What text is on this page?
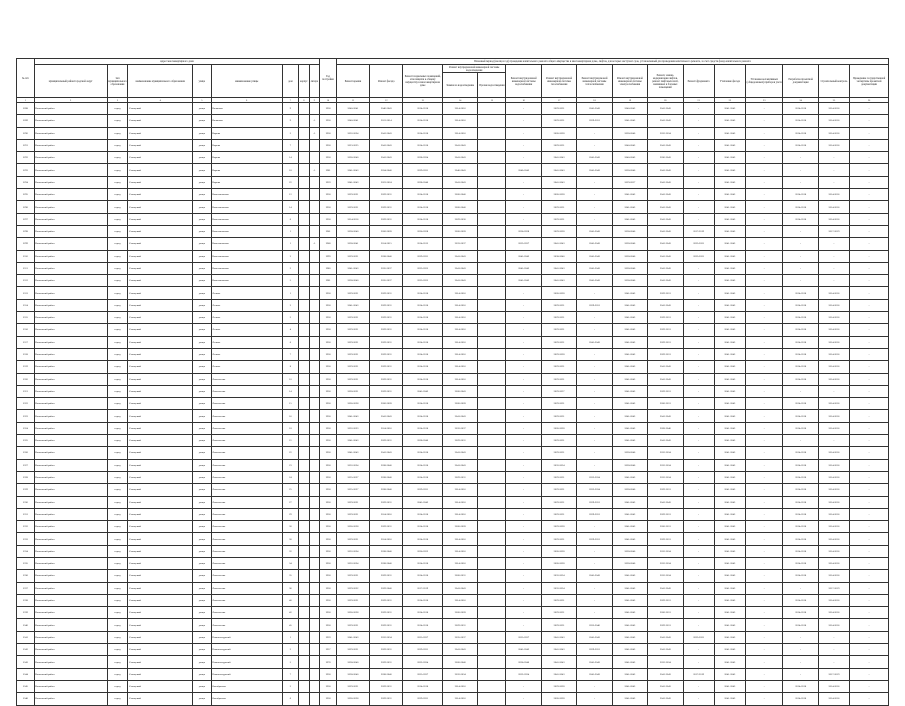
№ п/п	Адрес многоквартирного дома								Год постройки	Плановый период (месяц и год) проведения капитального ремонта общего имущества в многоквартирном доме, лифтов, для которых наступает срок, установленный для проведения капитального ремонта, за счет средств фонда капитального ремонта															
	муниципальный район/городской округ	тип муниципального образования	наименование муниципального образования	улица	наименование улицы	дом	корпус	литера		Ремонт крыши	Ремонт фасада	Ремонт подвальных помещений, относящихся к общему имуществу в многоквартирном доме	Ремонт внутридомовой инженерной системы водоотведения		Ремонт внутридомовой инженерной системы водоснабжения	Ремонт внутридомовой инженерной системы газоснабжения	Ремонт внутридомовой инженерной системы теплоснабжения	Ремонт внутридомовой инженерной системы электроснабжения	Ремонт, замена, модернизация лифтов, ремонт лифтовых шахт, машинных и блочных помещений	Ремонт фундамента	Утепление фасада	Установка коллективных (общедомовых) приборов учета	Разработка проектной документации	Строительный контроль	Проведение государственной экспертизы проектной документации
													Замена на водоотведение	Прочие водоотведения											
1	2	3	4	5	6	7	8	9	10	11	12	13	14	15	16	17	18	19	20	21	22	23	24	25	26
5288	Кызылский район	город	Сланцевый	улица	Калинина	9			1958	2040-2041	2040-2043	2014-2016	2014-2016		-	2029-2031	2041-2043	2040-2043	2041-2043	-	2041-2043	-	2014-2016	2014-2016	-
5289	Кызылский район	город	Сланцевый	улица	Калинина	9		А	1958	2040-2041	2013-2014	2014-2016	2014-2016		-	2029-2031	2029-2031	2041-2043	2041-2043	-	2041-2043	-	2014-2016	2014-2016	-
5290	Кызылский район	город	Сланцевый	улица	Кирова	3		А	1958	2032-2034	2041-2043	2014-2016	2014-2016		-	2026-2028	-	2028-2040	2032-2034	-	2041-2043	-	2014-2016	2014-2016	-
5291	Кызылский район	город	Сланцевый	улица	Кирова	7			1958	2023-2025	2041-2043	2014-2016	2041-2043		-	2029-2031	-	2040-2043	2041-2043	-	2041-2043	-	2014-2016	2014-2016	-
5292	Кызылский район	город	Сланцевый	улица	Кирова	14			1958	2026-2040	2041-2043	2028-2034	2041-2043		-	2041-2043	2041-2043	2040-2043	2030-2043	-	2041-2043	-	-	-	-
5293	Кызылский район	город	Сланцевый	улица	Кирова	18		А	1981	2041-2043	2034-2040	2029-2031	2040-2043		2040-2043	2041-2043	2041-2043	2028-2040	2041-2043	-	2041-2043	-	-	-	-
5294	Кызылский район	город	Сланцевый	улица	Кирова	22			1959	2041-2043	2023-2024	2028-2040	2041-2043		-	2041-2043	-	2029-2037	2041-2043	-	2041-2043	-	-	-	-
5295	Кызылский район	город	Сланцевый	улица	Комсомольская	12			1958	2029-2031	2029-2031	2014-2016	2026-2040		-	2026-2028	-	2041-2043	2041-2043	-	2041-2043	-	2014-2016	2014-2016	-
5296	Кызылский район	город	Сланцевый	улица	Комсомольская	14			1958	2029-2031	2029-2031	2014-2016	2026-2040		-	2029-2031	-	2041-2043	2041-2043	-	2041-2043	-	2014-2016	2014-2016	-
5297	Кызылский район	город	Сланцевый	улица	Комсомольская	6			1958	2014-2016	2029-2031	2014-2016	2029-2030		-	2029-2031	-	2041-2043	2041-2043	-	2041-2043	-	2014-2016	2014-2016	-
5298	Кызылский район	город	Сланцевый	улица	Комсомольская	1			1961	2038-2040	2026-2028	2026-2028	2026-2028		2026-2028	2029-2028	2041-2043	2038-2040	2041-2043	2017-2019	2041-2043	-	-	2017-2019	-
5299	Кызылский район	город	Сланцевый	улица	Комсомольская	1		А	1968	2038-2041	2014-2015	2014-2015	2033-2037		2033-2037	2041-2043	2041-2043	2028-2040	2041-2043	2023-2025	2041-2043	-	-	-	-
5310	Кызылский район	город	Сланцевый	улица	Комсомольская	2			1999	2029-2031	2038-2040	2029-2031	2041-2043		2041-2043	2038-2040	2041-2043	2028-2040	2041-2043	2023-2025	2041-2043	-	-	-	-
5311	Кызылский район	город	Сланцевый	улица	Комсомольская	3			1980	2041-2043	2035-2037	2023-2025	2041-2043		2041-2043	2041-2043	2041-2043	2028-2040	2041-2043	-	2041-2043	-	-	-	-
5312	Кызылский район	город	Сланцевый	улица	Комсомольская	5			1981	2038-2040	2035-2037	2023-2025	2041-2043		2041-2043	2041-2043	2041-2043	2038-2040	2041-2043	-	2041-2043	-	-	-	-
5313	Кызылский район	город	Сланцевый	улица	Ленина	1			1958	2029-2031	2029-2031	2014-2016	2014-2016		-	2026-2028	-	2041-2043	2029-2031	-	2041-2043	-	2014-2016	2014-2016	-
5314	Кызылский район	город	Сланцевый	улица	Ленина	2			1958	2041-2043	2029-2031	2014-2016	2014-2016		-	2029-2031	2029-2031	2041-2043	2041-2043	-	2041-2043	-	2014-2016	2014-2016	-
5315	Кызылский район	город	Сланцевый	улица	Ленина	3			1958	2029-2031	2029-2031	2014-2016	2014-2016		-	2029-2031	-	2041-2043	2029-2031	-	2041-2043	-	2014-2016	2014-2016	-
5316	Кызылский район	город	Сланцевый	улица	Ленина	4			1958	2029-2031	2029-2031	2014-2016	2014-2016		-	2029-2031	-	2041-2043	2029-2031	-	2041-2043	-	2014-2016	2014-2016	-
5317	Кызылский район	город	Сланцевый	улица	Ленина	6			1958	2029-2031	2029-2031	2014-2016	2014-2016		-	2029-2031	2041-2043	2041-2043	2029-2031	-	2041-2043	-	2014-2016	2014-2016	-
5318	Кызылский район	город	Сланцевый	улица	Ленина	7			1958	2029-2031	2029-2031	2014-2016	2014-2016		-	2029-2028	-	2041-2043	2029-2031	-	2041-2043	-	2014-2016	2014-2016	-
5319	Кызылский район	город	Сланцевый	улица	Ленина	8			1958	2029-2031	2029-2031	2014-2016	2014-2016		-	2029-2031	-	2041-2043	2041-2043	-	2041-2043	-	2014-2016	2014-2016	-
5320	Кызылский район	город	Сланцевый	улица	Ломоносова	10			1958	2029-2031	2029-2031	2014-2016	2014-2016		-	2029-2031	-	2041-2043	2041-2043	-	2041-2043	-	2014-2016	2014-2016	-
5321	Кызылский район	город	Сланцевый	улица	Ломоносова	14			1958	2028-2031	2029-2031	2041-2043	2026-2043		-	2029-2037	-	2041-2043	2029-2031	-	2041-2043	-	-	-	-
5322	Кызылский район	город	Сланцевый	улица	Ломоносова	15			1958	2026-2028	2026-2028	2014-2016	2026-2028		-	2029-2031	-	2041-2043	2026-2031	-	2041-2043	-	2014-2016	2014-2016	-
5323	Кызылский район	город	Сланцевый	улица	Ломоносова	16			1958	2041-2043	2041-2043	2014-2016	2041-2043		-	2029-2031	-	2041-2043	2041-2043	-	2041-2043	-	2014-2016	2014-2016	-
5324	Кызылский район	город	Сланцевый	улица	Ломоносова	18			1958	2032-2033	2014-2016	2014-2016	2032-2037		-	2026-2028	-	2041-2043	2028-2040	-	2041-2043	-	2014-2016	2014-2016	-
5325	Кызылский район	город	Сланцевый	улица	Ломоносова	21			1958	2041-2043	2029-2031	2038-2040	2029-2031		-	2029-2031	-	2041-2043	2041-2043	-	2041-2043	-	-	-	-
5326	Кызылский район	город	Сланцевый	улица	Ломоносова	22			1958	2041-2043	2041-2043	2014-2016	2041-2043		-	2029-2031	-	2028-2040	2032-2034	-	2041-2043	-	2014-2016	2014-2016	-
5327	Кызылский район	город	Сланцевый	улица	Ломоносова	23			1958	2032-2034	2038-2040	2014-2016	2041-2043		-	2032-2034	-	2028-2040	2032-2034	-	2041-2043	-	2014-2016	2014-2016	-
5328	Кызылский район	город	Сланцевый	улица	Ломоносова	24			1958	2035-2037	2038-2040	2014-2016	2029-2031		-	2029-2031	2032-2034	2041-2043	2032-2034	-	2041-2043	-	2014-2016	2014-2016	-
5329	Кызылский район	город	Сланцевый	улица	Ломоносова	25			1958	2035-2037	2038-2040	2029-2031	2014-2016		-	2029-2031	2032-2034	2028-2040	2029-2031	-	2041-2043	-	2014-2016	2014-2016	-
5330	Кызылский район	город	Сланцевый	улица	Ломоносова	27			1958	2029-2031	2029-2031	2041-2043	2014-2016		-	2029-2031	2029-2031	2041-2043	2041-2043	-	2041-2043	-	2014-2016	2014-2016	-
5331	Кызылский район	город	Сланцевый	улица	Ломоносова	29			1958	2029-2031	2014-2016	2014-2016	2014-2016		-	2029-2031	2029-2031	2041-2043	2029-2031	-	2041-2043	-	2014-2016	2014-2016	-
5332	Кызылский район	город	Сланцевый	улица	Ломоносова	30			1958	2026-2028	2029-2031	2014-2016	2026-2028		-	2029-2028	-	2041-2043	2026-2031	-	2041-2043	-	2014-2016	2014-2016	-
5333	Кызылский район	город	Сланцевый	улица	Ломоносова	30			1958	2029-2031	2014-2016	2014-2016	2014-2016		-	2029-2031	2029-2031	2041-2043	2029-2031	-	2041-2043	-	2014-2016	2014-2016	-
5334	Кызылский район	город	Сланцевый	улица	Ломоносова	32			1958	2032-2034	2038-2040	2026-2022	2014-2016		-	2026-2028	-	2028-2040	2032-2034	-	2041-2043	-	2014-2016	2014-2016	-
5335	Кызылский район	город	Сланцевый	улица	Ломоносова	34			1958	2032-2034	2038-2040	2014-2016	2014-2016		-	2026-2028	-	2028-2040	2032-2034	-	2041-2043	-	2014-2016	2014-2016	-
5336	Кызылский район	город	Сланцевый	улица	Ломоносова	35			1958	2029-2031	2029-2031	2014-2016	2026-2031		-	2032-2034	2041-2043	2041-2043	2032-2034	-	2041-2043	-	2014-2016	2014-2016	-
5337	Кызылский район	город	Сланцевый	улица	Ломоносова	36			1958	2029-2032	2029-2040	2017-2019	2041-2043		-	2032-2034	-	2041-2043	2041-2043	-	2041-2043	-	-	2017-2019	-
5338	Кызылский район	город	Сланцевый	улица	Ломоносова	40			1958	2029-2031	2029-2031	2014-2016	2014-2016		-	2029-2031	-	2041-2043	2029-2031	-	2041-2043	-	2014-2016	2014-2016	-
5339	Кызылский район	город	Сланцевый	улица	Ломоносова	42			1958	2026-2028	2029-2031	2014-2016	2026-2028		-	2029-2031	-	2041-2043	2026-2031	-	2041-2043	-	2014-2016	2014-2016	-
5340	Кызылский район	город	Сланцевый	улица	Ломоносова	45			1958	2029-2031	2029-2031	2014-2016	2029-2031		-	2029-2031	2035-2040	2041-2043	2029-2031	-	2041-2043	-	2014-2016	2014-2016	-
5341	Кызылский район	город	Сланцевый	улица	Нижнекотурский	1			1959	2041-2043	2032-2034	2035-2037	2035-2037		2035-2037	2041-2043	2041-2043	2041-2043	2041-2043	2023-2025	2041-2043	-	-	-	-
5342	Кызылский район	город	Сланцевый	улица	Нижнекотурский	3			1957	2029-2031	2029-2031	2029-2031	2041-2043		2041-2043	2041-2043	2029-2031	2041-2043	2041-2043	-	2041-2043	-	-	-	-
5343	Кызылский район	город	Сланцевый	улица	Нижнекотурский	5			1978	2038-2040	2029-2031	2032-2034	2026-2040		2026-2040	2041-2043	2041-2043	2041-2043	2032-2034	-	2041-2043	-	-	-	-
5344	Кызылский район	город	Сланцевый	улица	Нижнекотурский	7			1958	2038-2040	2038-2040	2035-2037	2032-2034		2032-2034	2041-2043	2041-2043	2041-2043	2041-2043	2017-2019	2041-2043	-	-	2017-2019	-
5345	Кызылский район	город	Сланцевый	улица	Октябрьская	3			1958	2029-2031	2029-2031	2014-2016	2014-2016		-	2029-2028	-	2041-2043	2041-2043	-	2041-2043	-	2014-2016	2014-2016	-
5346	Кызылский район	город	Сланцевый	улица	Октябрьская	6			1958	2026-2028	2029-2031	2029-2031	2014-2016		-	2026-2028	-	2041-2043	2041-2043	-	2041-2043	-	2014-2016	2014-2016	-
